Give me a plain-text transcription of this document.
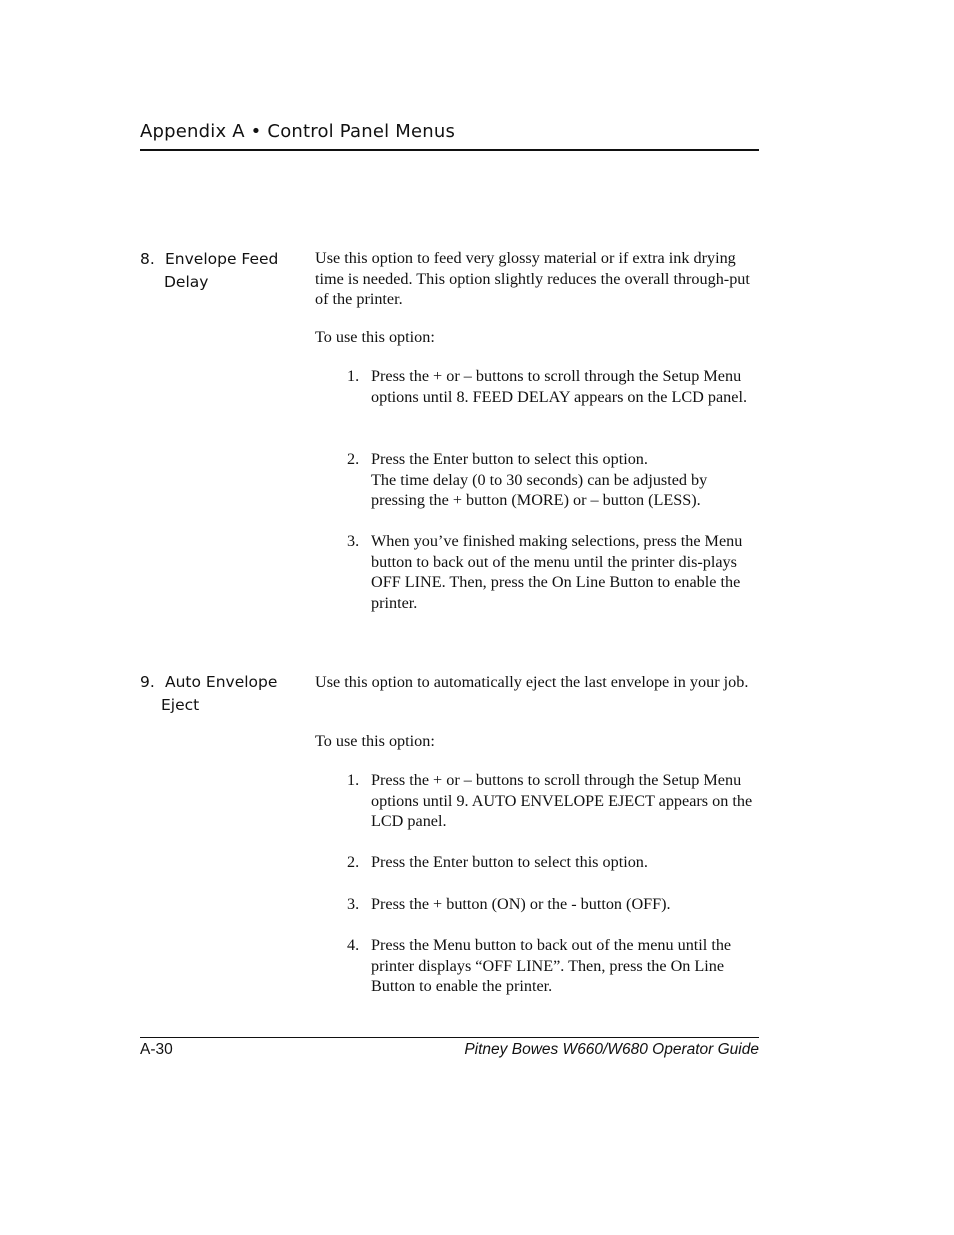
Appendix A • Control Panel Menus
8. Envelope Feed
Delay
Use this option to feed very glossy material or if extra ink drying time is needed. This option slightly reduces the overall through-put of the printer.
To use this option:
1. Press the + or – buttons to scroll through the Setup Menu options until 8. FEED DELAY appears on the LCD panel.
2. Press the Enter button to select this option.
The time delay (0 to 30 seconds) can be adjusted by pressing the + button (MORE) or – button (LESS).
3. When you’ve finished making selections, press the Menu button to back out of the menu until the printer dis-plays OFF LINE. Then, press the On Line Button to enable the printer.
9. Auto Envelope
Eject
Use this option to automatically eject the last envelope in your job.
To use this option:
1. Press the + or – buttons to scroll through the Setup Menu options until 9. AUTO ENVELOPE EJECT appears on the LCD panel.
2. Press the Enter button to select this option.
3. Press the + button (ON) or the - button (OFF).
4. Press the Menu button to back out of the menu until the printer displays “OFF LINE”. Then, press the On Line Button to enable the printer.
A-30	Pitney Bowes W660/W680 Operator Guide
